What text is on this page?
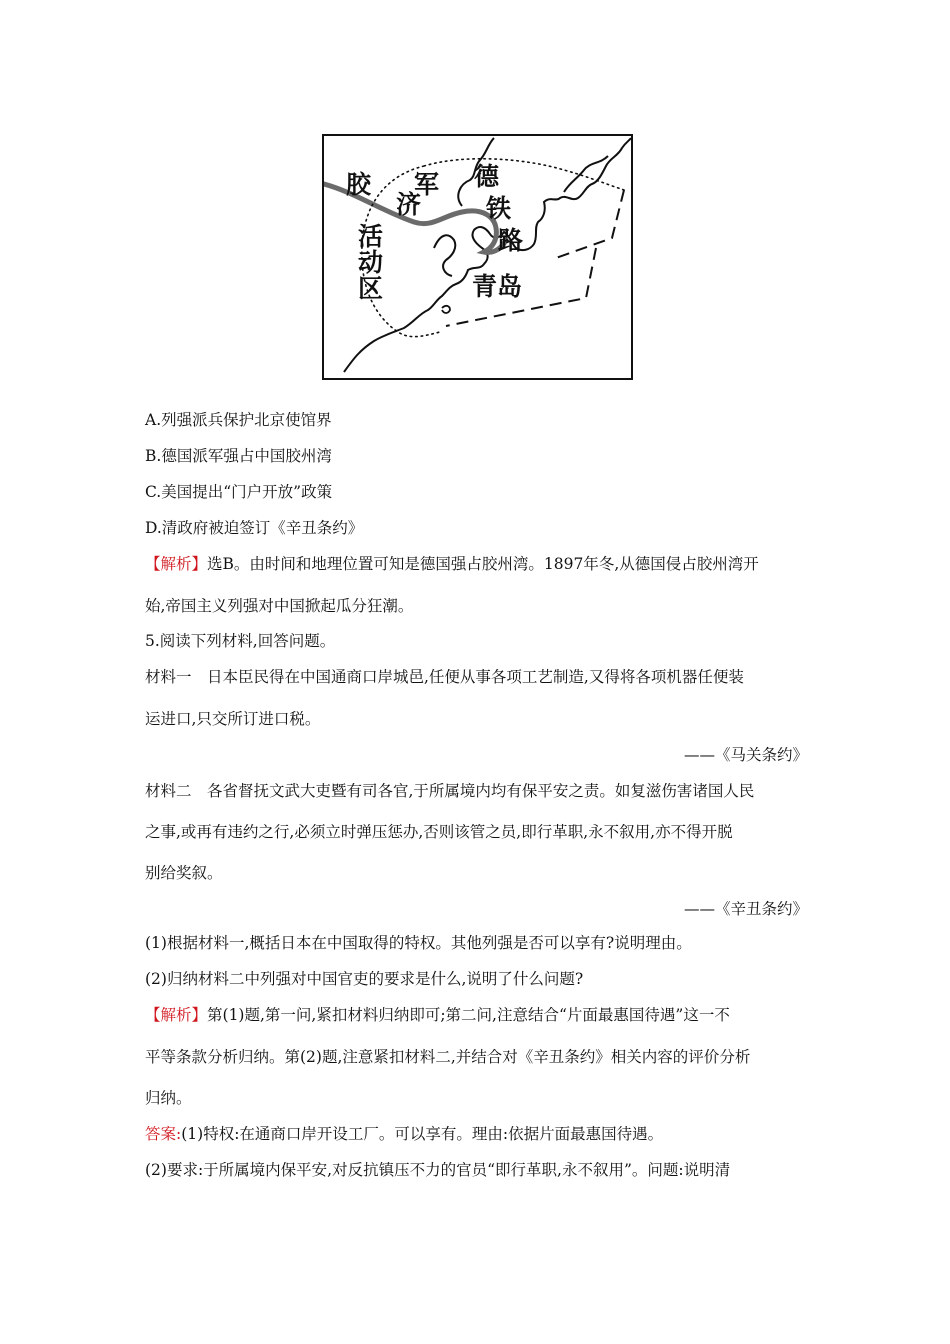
胶
济
军 德
铁
路
活
动
区	青岛
A.列强派兵保护北京使馆界
B.德国派军强占中国胶州湾
C.美国提出“门户开放”政策
D.清政府被迫签订《辛丑条约》
【解析】选B。由时间和地理位置可知是德国强占胶州湾。1897年冬,从德国侵占胶州湾开
始,帝国主义列强对中国掀起瓜分狂潮。
5.阅读下列材料,回答问题。
材料一　日本臣民得在中国通商口岸城邑,任便从事各项工艺制造,又得将各项机器任便装
运进口,只交所订进口税。
——《马关条约》
材料二　各省督抚文武大吏暨有司各官,于所属境内均有保平安之责。如复滋伤害诸国人民
之事,或再有违约之行,必须立时弹压惩办,否则该管之员,即行革职,永不叙用,亦不得开脱
别给奖叙。
——《辛丑条约》
(1)根据材料一,概括日本在中国取得的特权。其他列强是否可以享有?说明理由。
(2)归纳材料二中列强对中国官吏的要求是什么,说明了什么问题?
【解析】第(1)题,第一问,紧扣材料归纳即可;第二问,注意结合“片面最惠国待遇”这一不
平等条款分析归纳。第(2)题,注意紧扣材料二,并结合对《辛丑条约》相关内容的评价分析
归纳。
答案:(1)特权:在通商口岸开设工厂。可以享有。理由:依据片面最惠国待遇。
(2)要求:于所属境内保平安,对反抗镇压不力的官员“即行革职,永不叙用”。问题:说明清
